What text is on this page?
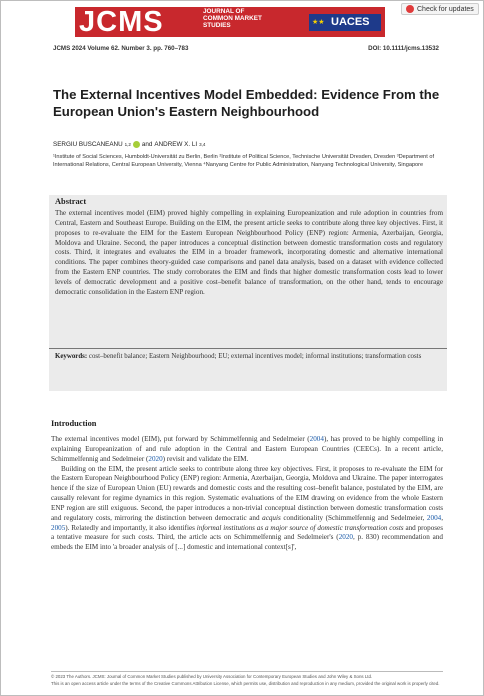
JCMS	JOURNAL OF COMMON MARKET STUDIES	★★ UACES
Check for updates
JCMS 2024 Volume 62. Number 3. pp. 760–783	DOI: 10.1111/jcms.13532
The External Incentives Model Embedded: Evidence From the European Union's Eastern Neighbourhood
SERGIU BUSCANEANU 1,2 and ANDREW X. LI 3,4
¹Institute of Social Sciences, Humboldt-Universität zu Berlin, Berlin ²Institute of Political Science, Technische Universität Dresden, Dresden ³Department of International Relations, Central European University, Vienna ⁴Nanyang Centre for Public Administration, Nanyang Technological University, Singapore
Abstract
The external incentives model (EIM) proved highly compelling in explaining Europeanization and rule adoption in countries from Central, Eastern and Southeast Europe. Building on the EIM, the present article seeks to contribute along three key objectives. First, it proposes to re-evaluate the EIM for the Eastern European Neighbourhood Policy (ENP) region: Armenia, Azerbaijan, Georgia, Moldova and Ukraine. Second, the paper introduces a conceptual distinction between domestic transformation costs and regulatory costs. Third, it integrates and evaluates the EIM in a broader framework, incorporating domestic and alternative international conditions. The paper combines theory-guided case comparisons and panel data analysis, based on a dataset with evidence collected from the Eastern ENP countries. The study corroborates the EIM and finds that higher domestic transformation costs lead to lower levels of democratic development and a positive cost–benefit balance of transformation, on the other hand, tends to encourage democratic consolidation in the Eastern ENP region.
Keywords: cost–benefit balance; Eastern Neighbourhood; EU; external incentives model; informal institutions; transformation costs
Introduction

The external incentives model (EIM), put forward by Schimmelfennig and Sedelmeier (2004), has proved to be highly compelling in explaining Europeanization of and rule adoption in the Central and Eastern European Countries (CEECs). In a recent article, Schimmelfennig and Sedelmeier (2020) revisit and validate the EIM.

Building on the EIM, the present article seeks to contribute along three key objectives. First, it proposes to re-evaluate the EIM for the Eastern European Neighbourhood Policy (ENP) region: Armenia, Azerbaijan, Georgia, Moldova and Ukraine. The paper interrogates hence if the size of European Union (EU) rewards and domestic costs and the resulting cost–benefit balance, postulated by the EIM, are causally relevant for regime dynamics in this region. Systematic evaluations of the EIM drawing on evidence from the whole Eastern ENP region are still exiguous. Second, the paper introduces a non-trivial conceptual distinction between domestic transformation costs and regulatory costs, mirroring the distinction between democratic and acquis conditionality (Schimmelfennig and Sedelmeier, 2004, 2005). Relatedly and importantly, it also identifies informal institutions as a major source of domestic transformation costs and proposes a tentative measure for such costs. Third, the article acts on Schimmelfennig and Sedelmeier's (2020, p. 830) recommendation and embeds the EIM into 'a broader analysis of [...] domestic and international context[s]',

© 2023 The Authors. JCMS: Journal of Common Market Studies published by University Association for Contemporary European Studies and John Wiley & Sons Ltd.
This is an open access article under the terms of the Creative Commons Attribution License, which permits use, distribution and reproduction in any medium, provided the original work is properly cited.
